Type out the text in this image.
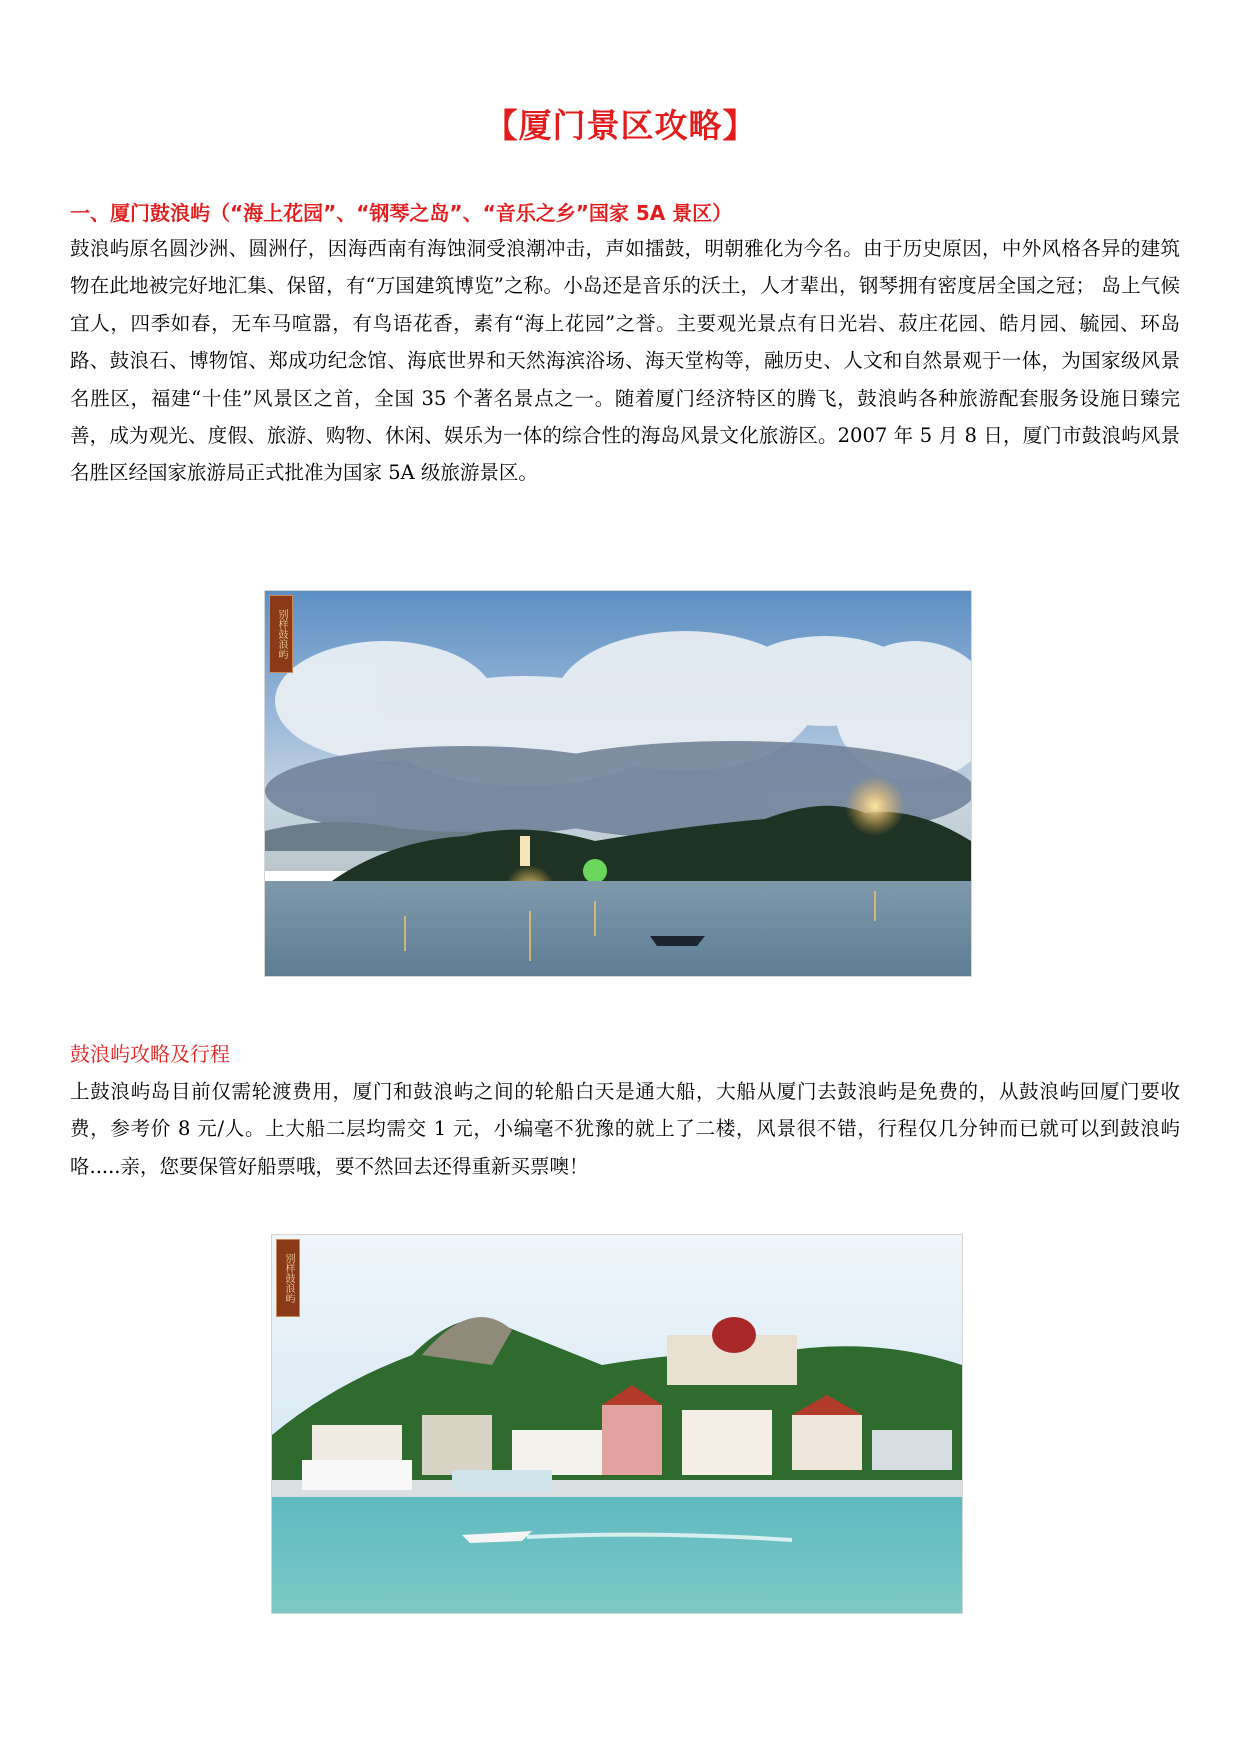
【厦门景区攻略】
一、厦门鼓浪屿（“海上花园”、“钢琴之岛”、“音乐之乡”国家 5A 景区）

鼓浪屿原名圆沙洲、圆洲仔，因海西南有海蚀洞受浪潮冲击，声如擂鼓，明朝雅化为今名。由于历史原因，中外风格各异的建筑物在此地被完好地汇集、保留，有“万国建筑博览”之称。小岛还是音乐的沃土，人才辈出，钢琴拥有密度居全国之冠； 岛上气候宜人，四季如春，无车马喧嚣，有鸟语花香，素有“海上花园”之誉。主要观光景点有日光岩、菽庄花园、皓月园、毓园、环岛路、鼓浪石、博物馆、郑成功纪念馆、海底世界和天然海滨浴场、海天堂构等，融历史、人文和自然景观于一体，为国家级风景名胜区，福建“十佳”风景区之首，全国 35 个著名景点之一。随着厦门经济特区的腾飞，鼓浪屿各种旅游配套服务设施日臻完善，成为观光、度假、旅游、购物、休闲、娱乐为一体的综合性的海岛风景文化旅游区。2007 年 5 月 8 日，厦门市鼓浪屿风景名胜区经国家旅游局正式批准为国家 5A 级旅游景区。

别样鼓浪屿
鼓浪屿攻略及行程

上鼓浪屿岛目前仅需轮渡费用，厦门和鼓浪屿之间的轮船白天是通大船，大船从厦门去鼓浪屿是免费的，从鼓浪屿回厦门要收费，参考价 8 元/人。上大船二层均需交 1 元，小编毫不犹豫的就上了二楼，风景很不错，行程仅几分钟而已就可以到鼓浪屿咯.....亲，您要保管好船票哦，要不然回去还得重新买票噢！

别样鼓浪屿
